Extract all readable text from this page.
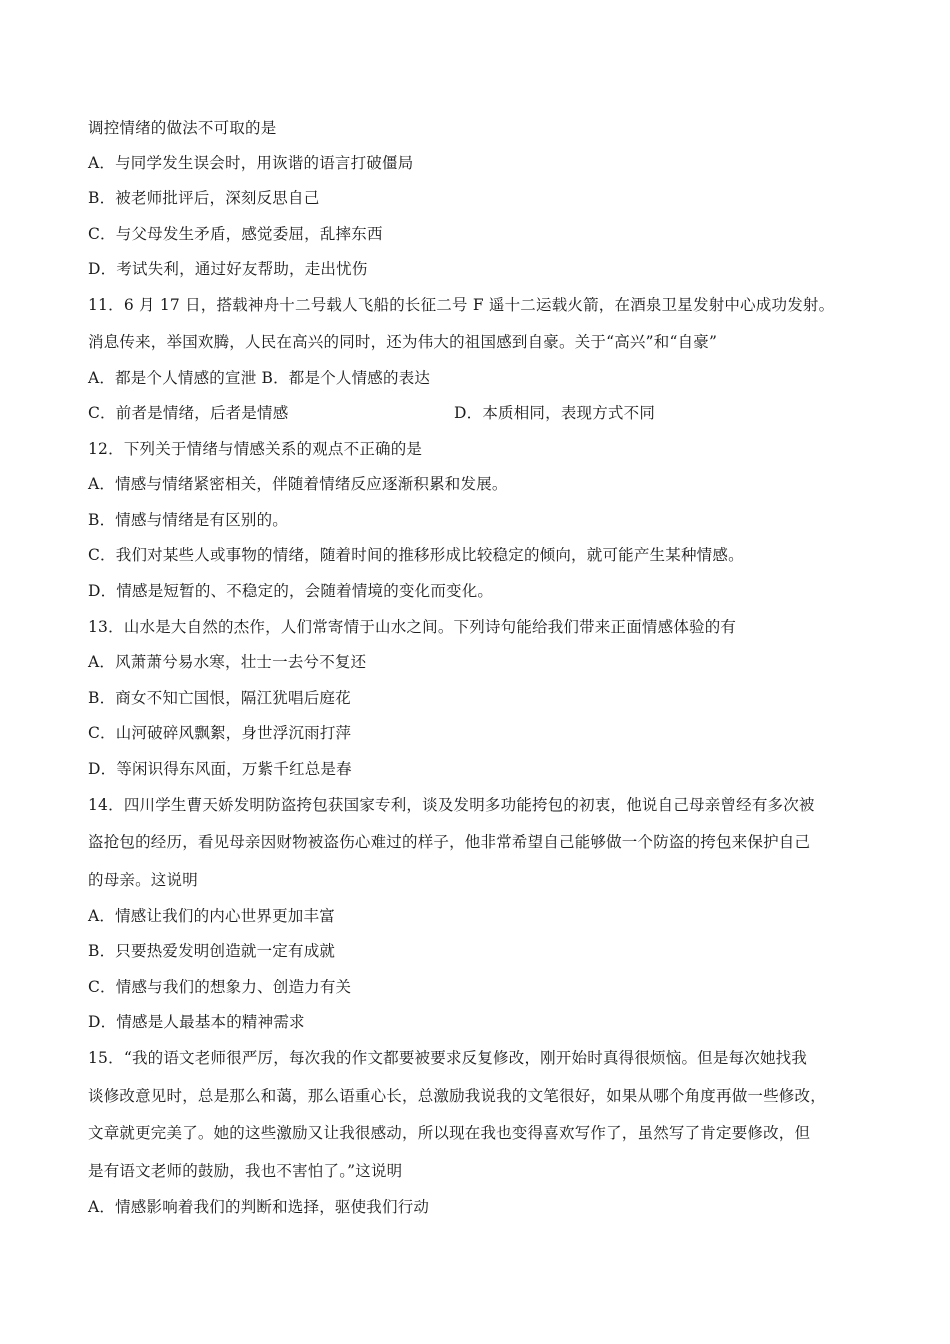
调控情绪的做法不可取的是
A．与同学发生误会时，用诙谐的语言打破僵局
B．被老师批评后，深刻反思自己
C．与父母发生矛盾，感觉委屈，乱摔东西
D．考试失利，通过好友帮助，走出忧伤
11．6 月 17 日，搭载神舟十二号载人飞船的长征二号 F 遥十二运载火箭，在酒泉卫星发射中心成功发射。
消息传来，举国欢腾，人民在高兴的同时，还为伟大的祖国感到自豪。关于“高兴”和“自豪”
A．都是个人情感的宣泄 B．都是个人情感的表达
C．前者是情绪，后者是情感	D．本质相同，表现方式不同
12．下列关于情绪与情感关系的观点不正确的是
A．情感与情绪紧密相关，伴随着情绪反应逐渐积累和发展。
B．情感与情绪是有区别的。
C．我们对某些人或事物的情绪，随着时间的推移形成比较稳定的倾向，就可能产生某种情感。
D．情感是短暂的、不稳定的，会随着情境的变化而变化。
13．山水是大自然的杰作，人们常寄情于山水之间。下列诗句能给我们带来正面情感体验的有
A．风萧萧兮易水寒，壮士一去兮不复还
B．商女不知亡国恨，隔江犹唱后庭花
C．山河破碎风飘絮，身世浮沉雨打萍
D．等闲识得东风面，万紫千红总是春
14．四川学生曹天娇发明防盗挎包获国家专利，谈及发明多功能挎包的初衷，他说自己母亲曾经有多次被
盗抢包的经历，看见母亲因财物被盗伤心难过的样子，他非常希望自己能够做一个防盗的挎包来保护自己
的母亲。这说明
A．情感让我们的内心世界更加丰富
B．只要热爱发明创造就一定有成就
C．情感与我们的想象力、创造力有关
D．情感是人最基本的精神需求
15．“我的语文老师很严厉，每次我的作文都要被要求反复修改，刚开始时真得很烦恼。但是每次她找我
谈修改意见时，总是那么和蔼，那么语重心长，总激励我说我的文笔很好，如果从哪个角度再做一些修改，
文章就更完美了。她的这些激励又让我很感动，所以现在我也变得喜欢写作了，虽然写了肯定要修改，但
是有语文老师的鼓励，我也不害怕了。”这说明
A．情感影响着我们的判断和选择，驱使我们行动
